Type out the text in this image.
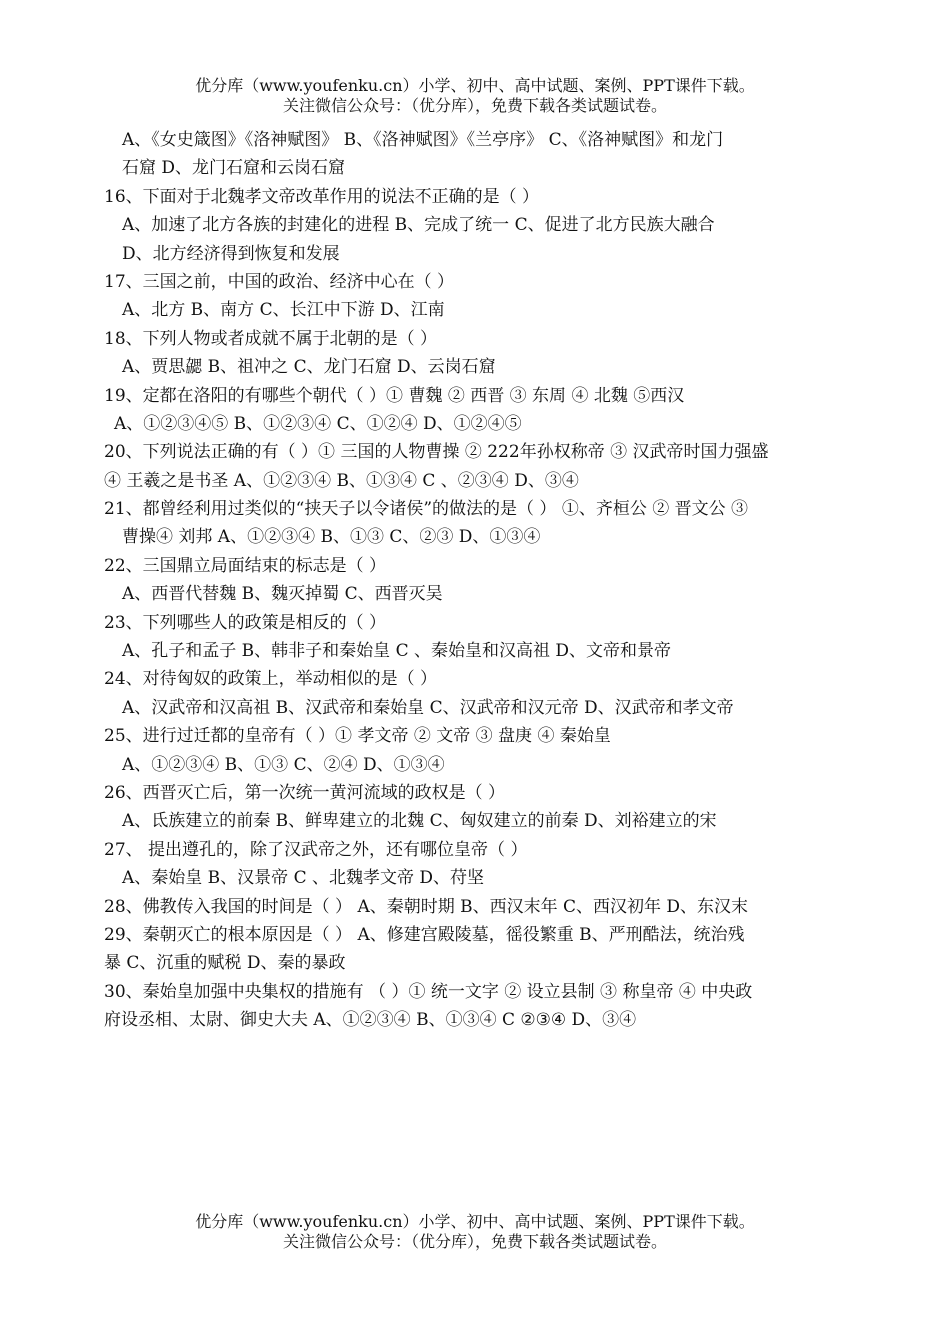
优分库（www.youfenku.cn）小学、初中、高中试题、案例、PPT课件下载。
关注微信公众号：（优分库），免费下载各类试题试卷。
A、《女史箴图》《洛神赋图》 B、《洛神赋图》《兰亭序》 C、《洛神赋图》和龙门
石窟 D、龙门石窟和云岗石窟
16、下面对于北魏孝文帝改革作用的说法不正确的是（ ）
A、加速了北方各族的封建化的进程 B、完成了统一 C、促进了北方民族大融合
D、北方经济得到恢复和发展
17、三国之前，中国的政治、经济中心在（ ）
A、北方 B、南方 C、长江中下游 D、江南
18、下列人物或者成就不属于北朝的是（ ）
A、贾思勰 B、祖冲之 C、龙门石窟 D、云岗石窟
19、定都在洛阳的有哪些个朝代（ ）① 曹魏 ② 西晋 ③ 东周 ④ 北魏 ⑤西汉
A、①②③④⑤ B、①②③④ C、①②④ D、①②④⑤
20、下列说法正确的有（ ）① 三国的人物曹操 ② 222年孙权称帝 ③ 汉武帝时国力强盛
④ 王羲之是书圣 A、①②③④ B、①③④ C 、②③④ D、③④
21、都曾经利用过类似的“挟天子以令诸侯”的做法的是（ ） ①、齐桓公 ② 晋文公 ③
曹操④ 刘邦 A、①②③④ B、①③ C、②③ D、①③④
22、三国鼎立局面结束的标志是（ ）
A、西晋代替魏 B、魏灭掉蜀 C、西晋灭吴
23、下列哪些人的政策是相反的（ ）
A、孔子和孟子 B、韩非子和秦始皇 C 、秦始皇和汉高祖 D、文帝和景帝
24、对待匈奴的政策上，举动相似的是（ ）
A、汉武帝和汉高祖 B、汉武帝和秦始皇 C、汉武帝和汉元帝 D、汉武帝和孝文帝
25、进行过迁都的皇帝有（ ）① 孝文帝 ② 文帝 ③ 盘庚 ④ 秦始皇
A、①②③④ B、①③ C、②④ D、①③④
26、西晋灭亡后，第一次统一黄河流域的政权是（ ）
A、氐族建立的前秦 B、鲜卑建立的北魏 C、匈奴建立的前秦 D、刘裕建立的宋
27、 提出遵孔的，除了汉武帝之外，还有哪位皇帝（ ）
A、秦始皇 B、汉景帝 C 、北魏孝文帝 D、苻坚
28、佛教传入我国的时间是（ ） A、秦朝时期 B、西汉末年 C、西汉初年 D、东汉末
29、秦朝灭亡的根本原因是（ ） A、修建宫殿陵墓，徭役繁重 B、严刑酷法，统治残
暴 C、沉重的赋税 D、秦的暴政
30、秦始皇加强中央集权的措施有 （ ）① 统一文字 ② 设立县制 ③ 称皇帝 ④ 中央政
府设丞相、太尉、御史大夫 A、①②③④ B、①③④ C ②③④ D、③④
优分库（www.youfenku.cn）小学、初中、高中试题、案例、PPT课件下载。
关注微信公众号：（优分库），免费下载各类试题试卷。
